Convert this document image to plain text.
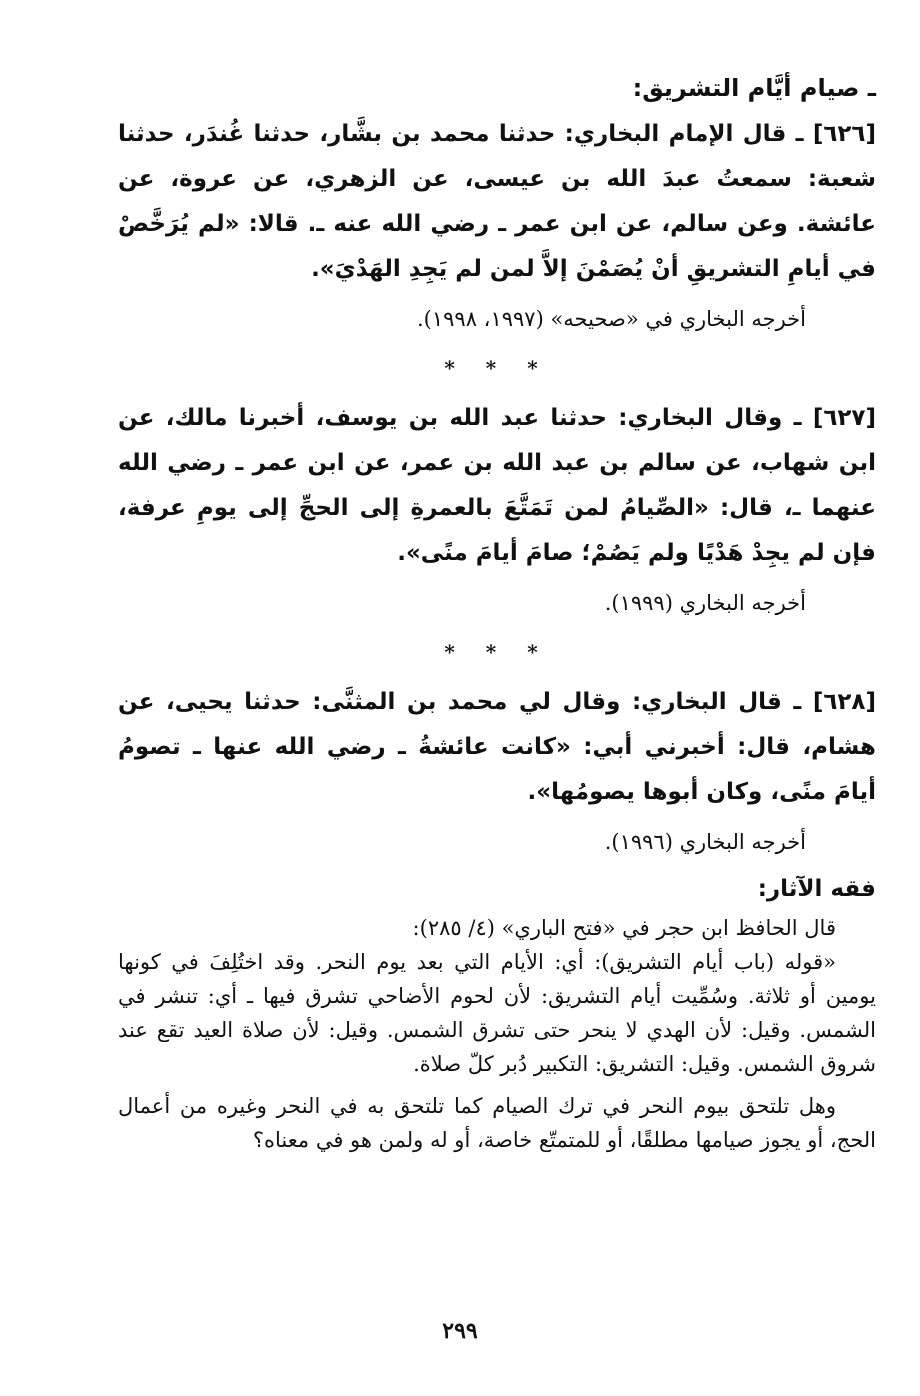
ـ صيام أيَّام التشريق:

[٦٢٦] ـ قال الإمام البخاري: حدثنا محمد بن بشَّار، حدثنا غُندَر، حدثنا شعبة: سمعتُ عبدَ الله بن عيسى، عن الزهري، عن عروة، عن عائشة. وعن سالم، عن ابن عمر ـ رضي الله عنه ـ. قالا: «لم يُرَخَّصْ في أيامِ التشريقِ أنْ يُصَمْنَ إلاَّ لمن لم يَجِدِ الهَدْيَ».

أخرجه البخاري في «صحيحه» (١٩٩٧، ١٩٩٨).

* * *

[٦٢٧] ـ وقال البخاري: حدثنا عبد الله بن يوسف، أخبرنا مالك، عن ابن شهاب، عن سالم بن عبد الله بن عمر، عن ابن عمر ـ رضي الله عنهما ـ، قال: «الصِّيامُ لمن تَمَتَّعَ بالعمرةِ إلى الحجِّ إلى يومِ عرفة، فإن لم يجِدْ هَدْيًا ولم يَصُمْ؛ صامَ أيامَ منًى».

أخرجه البخاري (١٩٩٩).

* * *

[٦٢٨] ـ قال البخاري: وقال لي محمد بن المثنَّى: حدثنا يحيى، عن هشام، قال: أخبرني أبي: «كانت عائشةُ ـ رضي الله عنها ـ تصومُ أيامَ منًى، وكان أبوها يصومُها».

أخرجه البخاري (١٩٩٦).

فقه الآثار:

قال الحافظ ابن حجر في «فتح الباري» (٤/ ٢٨٥):

«قوله (باب أيام التشريق): أي: الأيام التي بعد يوم النحر. وقد اختُلِفَ في كونها يومين أو ثلاثة. وسُمِّيت أيام التشريق: لأن لحوم الأضاحي تشرق فيها ـ أي: تنشر في الشمس. وقيل: لأن الهدي لا ينحر حتى تشرق الشمس. وقيل: لأن صلاة العيد تقع عند شروق الشمس. وقيل: التشريق: التكبير دُبر كلّ صلاة.

وهل تلتحق بيوم النحر في ترك الصيام كما تلتحق به في النحر وغيره من أعمال الحج، أو يجوز صيامها مطلقًا، أو للمتمتّع خاصة، أو له ولمن هو في معناه؟

٢٩٩
